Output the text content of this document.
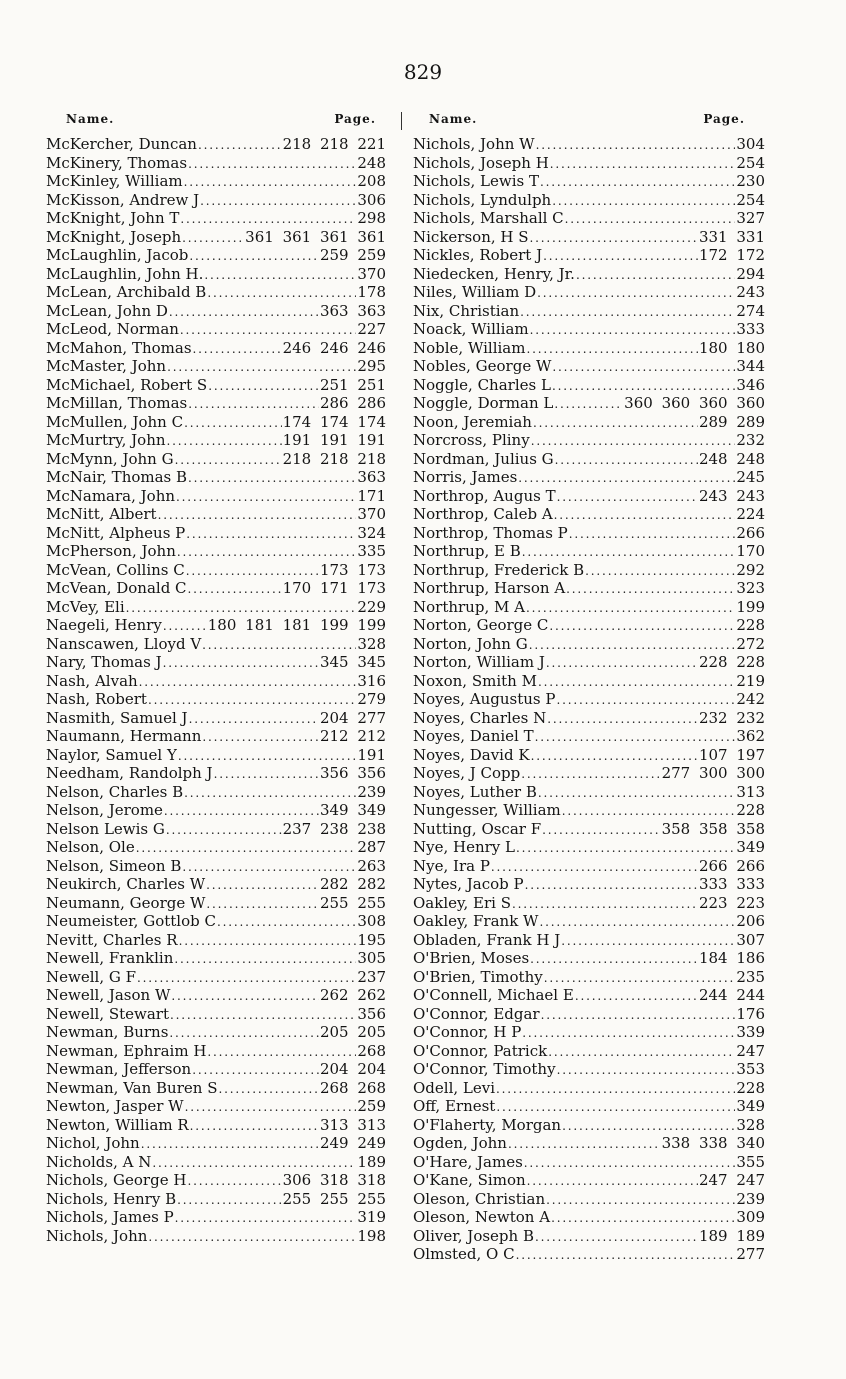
829
Name.	Page.
McKercher, Duncan . . .	218 218 221
McKinery, Thomas . . .	248
McKinley, William . . .	208
McKisson, Andrew J . . .	306
McKnight, John T . . .	298
McKnight, Joseph . . .	361 361 361 361
McLaughlin, Jacob . . .	259 259
McLaughlin, John H. . . .	370
McLean, Archibald B . . .	178
McLean, John D . . .	363 363
McLeod, Norman . . .	227
McMahon, Thomas . . .	246 246 246
McMaster, John . . .	295
McMichael, Robert S . . .	251 251
McMillan, Thomas . . .	286 286
McMullen, John C . . .	174 174 174
McMurtry, John . . .	191 191 191
McMynn, John G . . .	218 218 218
McNair, Thomas B . . .	363
McNamara, John . . .	171
McNitt, Albert . . .	370
McNitt, Alpheus P . . .	324
McPherson, John . . .	335
McVean, Collins C . . .	173 173
McVean, Donald C . . .	170 171 173
McVey, Eli . . .	229
Naegeli, Henry . . .	180 181 181 199 199
Nanscawen, Lloyd V . . .	328
Nary, Thomas J . . .	345 345
Nash, Alvah . . .	316
Nash, Robert . . .	279
Nasmith, Samuel J . . .	204 277
Naumann, Hermann . . .	212 212
Naylor, Samuel Y . . .	191
Needham, Randolph J . . .	356 356
Nelson, Charles B . . .	239
Nelson, Jerome . . .	349 349
Nelson Lewis G . . .	237 238 238
Nelson, Ole . . .	287
Nelson, Simeon B . . .	263
Neukirch, Charles W . . .	282 282
Neumann, George W . . .	255 255
Neumeister, Gottlob C . . .	308
Nevitt, Charles R . . .	195
Newell, Franklin . . .	305
Newell, G F . . .	237
Newell, Jason W . . .	262 262
Newell, Stewart . . .	356
Newman, Burns . . .	205 205
Newman, Ephraim H . . .	268
Newman, Jefferson . . .	204 204
Newman, Van Buren S . . .	268 268
Newton, Jasper W . . .	259
Newton, William R . . .	313 313
Nichol, John . . .	249 249
Nicholds, A N . . .	189
Nichols, George H . . .	306 318 318
Nichols, Henry B . . .	255 255 255
Nichols, James P . . .	319
Nichols, John . . .	198
Name.	Page.
Nichols, John W . . .	304
Nichols, Joseph H . . .	254
Nichols, Lewis T . . .	230
Nichols, Lyndulph . . .	254
Nichols, Marshall C . . .	327
Nickerson, H S . . .	331 331
Nickles, Robert J . . .	172 172
Niedecken, Henry, Jr. . . .	294
Niles, William D . . .	243
Nix, Christian . . .	274
Noack, William . . .	333
Noble, William . . .	180 180
Nobles, George W . . .	344
Noggle, Charles L . . .	346
Noggle, Dorman L . . .	360 360 360 360
Noon, Jeremiah . . .	289 289
Norcross, Pliny . . .	232
Nordman, Julius G . . .	248 248
Norris, James . . .	245
Northrop, Augus T . . .	243 243
Northrop, Caleb A . . .	224
Northrop, Thomas P . . .	266
Northrup, E B . . .	170
Northrup, Frederick B . . .	292
Northrup, Harson A . . .	323
Northrup, M A . . .	199
Norton, George C . . .	228
Norton, John G . . .	272
Norton, William J . . .	228 228
Noxon, Smith M . . .	219
Noyes, Augustus P . . .	242
Noyes, Charles N . . .	232 232
Noyes, Daniel T . . .	362
Noyes, David K . . .	107 197
Noyes, J Copp . . .	277 300 300
Noyes, Luther B . . .	313
Nungesser, William . . .	228
Nutting, Oscar F . . .	358 358 358
Nye, Henry L . . .	349
Nye, Ira P . . .	266 266
Nytes, Jacob P . . .	333 333
Oakley, Eri S . . .	223 223
Oakley, Frank W . . .	206
Obladen, Frank H J . . .	307
O'Brien, Moses . . .	184 186
O'Brien, Timothy . . .	235
O'Connell, Michael E . . .	244 244
O'Connor, Edgar . . .	176
O'Connor, H P . . .	339
O'Connor, Patrick . . .	247
O'Connor, Timothy . . .	353
Odell, Levi . . .	228
Off, Ernest . . .	349
O'Flaherty, Morgan . . .	328
Ogden, John . . .	338 338 340
O'Hare, James . . .	355
O'Kane, Simon . . .	247 247
Oleson, Christian . . .	239
Oleson, Newton A . . .	309
Oliver, Joseph B . . .	189 189
Olmsted, O C . . .	277
